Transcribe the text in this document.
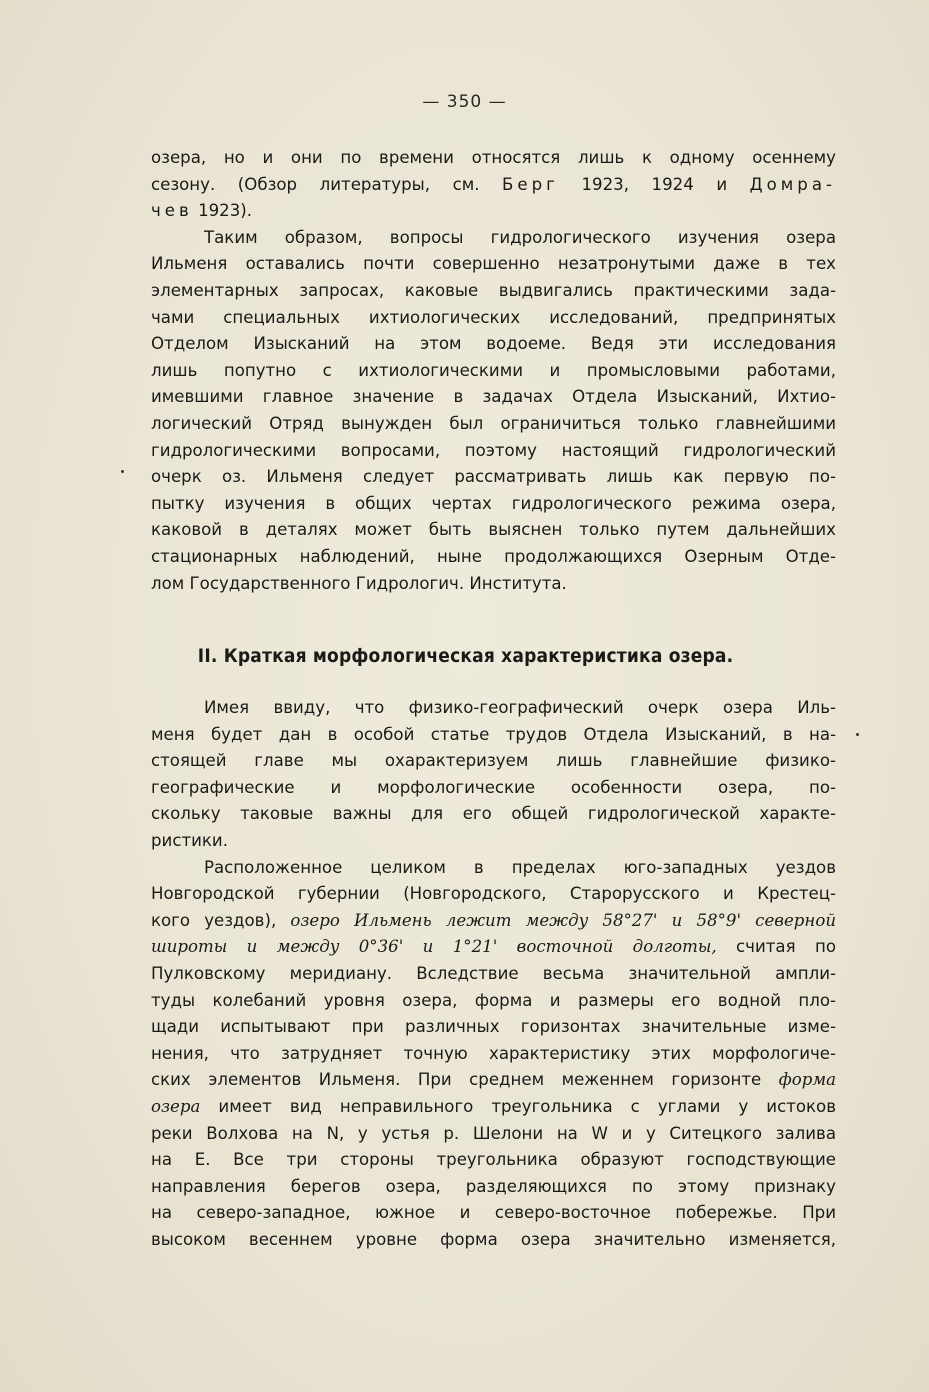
— 350 —
озера, но и они по времени относятся лишь к одному осеннему
сезону. (Обзор литературы, см. Берг 1923, 1924 и Домра-
чев 1923).
Таким образом, вопросы гидрологического изучения озера
Ильменя оставались почти совершенно незатронутыми даже в тех
элементарных запросах, каковые выдвигались практическими зада-
чами специальных ихтиологических исследований, предпринятых
Отделом Изысканий на этом водоеме. Ведя эти исследования
лишь попутно с ихтиологическими и промысловыми работами,
имевшими главное значение в задачах Отдела Изысканий, Ихтио-
логический Отряд вынужден был ограничиться только главнейшими
гидрологическими вопросами, поэтому настоящий гидрологический
очерк оз. Ильменя следует рассматривать лишь как первую по-
пытку изучения в общих чертах гидрологического режима озера,
каковой в деталях может быть выяснен только путем дальнейших
стационарных наблюдений, ныне продолжающихся Озерным Отде-
лом Государственного Гидрологич. Института.
II. Краткая морфологическая характеристика озера.
Имея ввиду, что физико-географический очерк озера Иль-
меня будет дан в особой статье трудов Отдела Изысканий, в на-
стоящей главе мы охарактеризуем лишь главнейшие физико-
географические и морфологические особенности озера, по-
скольку таковые важны для его общей гидрологической характе-
ристики.
Расположенное целиком в пределах юго-западных уездов
Новгородской губернии (Новгородского, Старорусского и Крестец-
кого уездов), озеро Ильмень лежит между 58°27' и 58°9' северной
широты и между 0°36' и 1°21' восточной долготы, считая по
Пулковскому меридиану. Вследствие весьма значительной ампли-
туды колебаний уровня озера, форма и размеры его водной пло-
щади испытывают при различных горизонтах значительные изме-
нения, что затрудняет точную характеристику этих морфологиче-
ских элементов Ильменя. При среднем меженнем горизонте форма
озера имеет вид неправильного треугольника с углами у истоков
реки Волхова на N, у устья р. Шелони на W и у Ситецкого залива
на E. Все три стороны треугольника образуют господствующие
направления берегов озера, разделяющихся по этому признаку
на северо-западное, южное и северо-восточное побережье. При
высоком весеннем уровне форма озера значительно изменяется,
